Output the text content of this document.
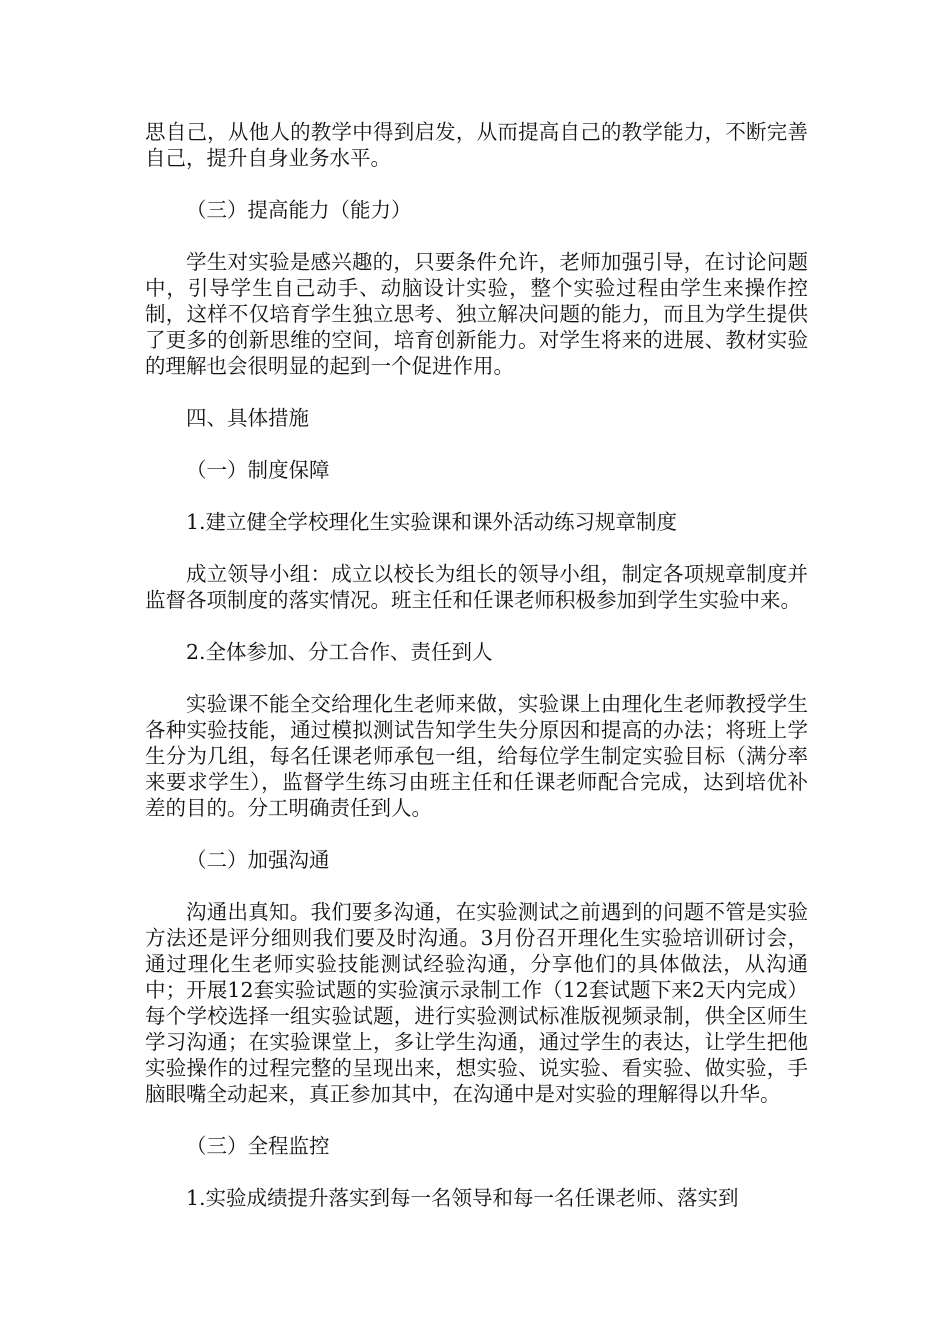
思自己，从他人的教学中得到启发，从而提高自己的教学能力，不断完善自己，提升自身业务水平。

（三）提高能力（能力）

学生对实验是感兴趣的，只要条件允许，老师加强引导，在讨论问题中，引导学生自己动手、动脑设计实验，整个实验过程由学生来操作控制，这样不仅培育学生独立思考、独立解决问题的能力，而且为学生提供了更多的创新思维的空间，培育创新能力。对学生将来的进展、教材实验的理解也会很明显的起到一个促进作用。

四、具体措施

（一）制度保障

1.建立健全学校理化生实验课和课外活动练习规章制度

成立领导小组：成立以校长为组长的领导小组，制定各项规章制度并监督各项制度的落实情况。班主任和任课老师积极参加到学生实验中来。

2.全体参加、分工合作、责任到人

实验课不能全交给理化生老师来做，实验课上由理化生老师教授学生各种实验技能，通过模拟测试告知学生失分原因和提高的办法；将班上学生分为几组，每名任课老师承包一组，给每位学生制定实验目标（满分率来要求学生），监督学生练习由班主任和任课老师配合完成，达到培优补差的目的。分工明确责任到人。

（二）加强沟通

沟通出真知。我们要多沟通，在实验测试之前遇到的问题不管是实验方法还是评分细则我们要及时沟通。3月份召开理化生实验培训研讨会，通过理化生老师实验技能测试经验沟通，分享他们的具体做法，从沟通中；开展12套实验试题的实验演示录制工作（12套试题下来2天内完成）每个学校选择一组实验试题，进行实验测试标准版视频录制，供全区师生学习沟通；在实验课堂上，多让学生沟通，通过学生的表达，让学生把他实验操作的过程完整的呈现出来，想实验、说实验、看实验、做实验，手脑眼嘴全动起来，真正参加其中，在沟通中是对实验的理解得以升华。

（三）全程监控

1.实验成绩提升落实到每一名领导和每一名任课老师、落实到
